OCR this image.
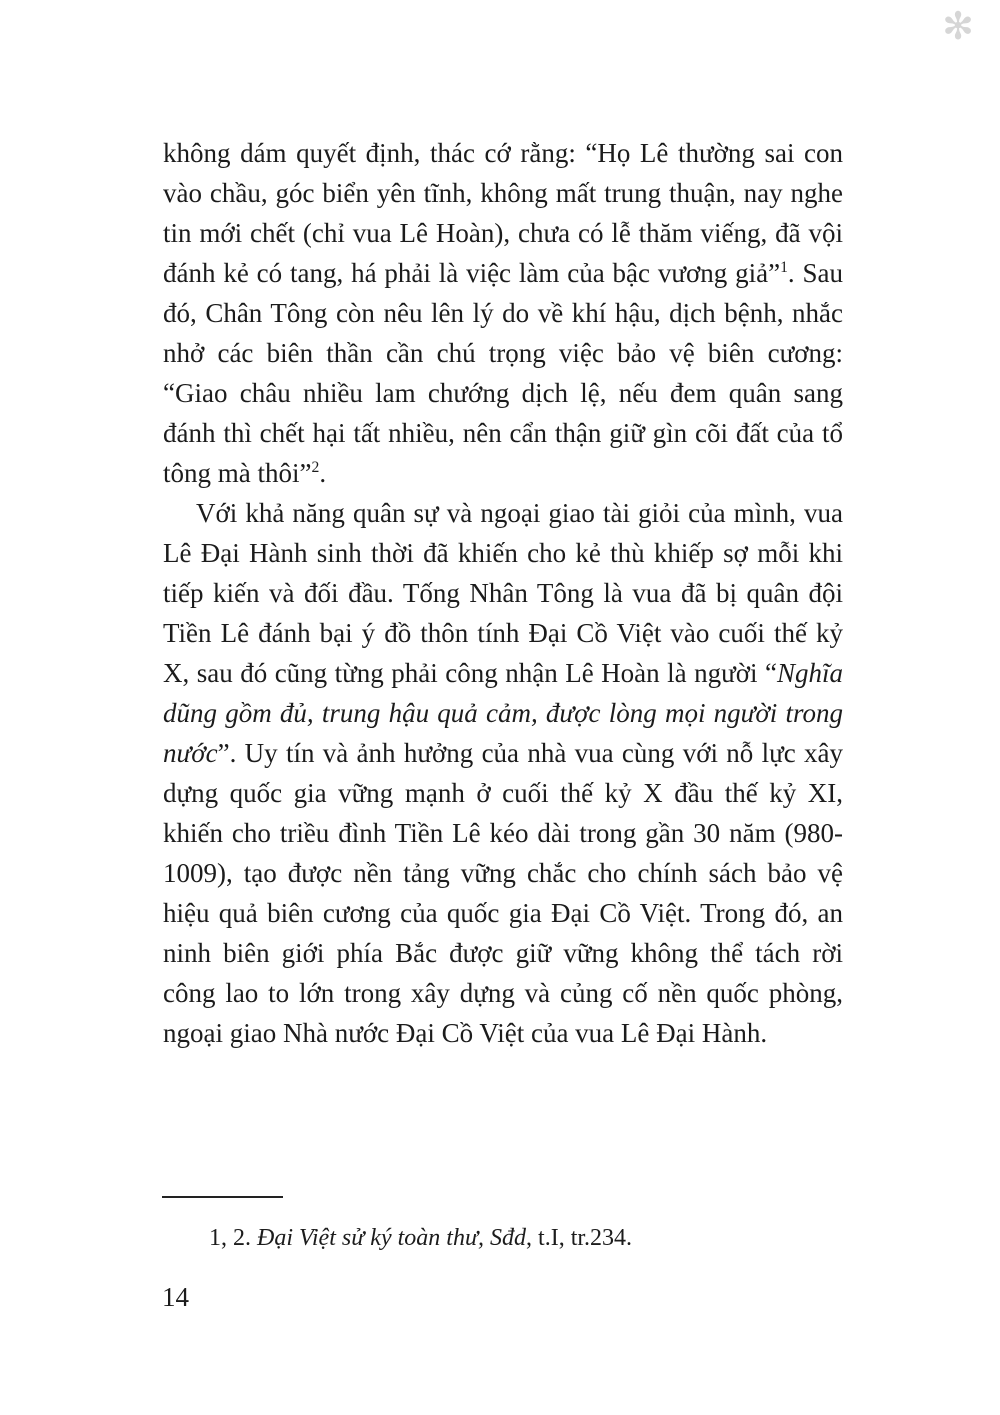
✻

không dám quyết định, thác cớ rằng: “Họ Lê thường sai con vào chầu, góc biển yên tĩnh, không mất trung thuận, nay nghe tin mới chết (chỉ vua Lê Hoàn), chưa có lễ thăm viếng, đã vội đánh kẻ có tang, há phải là việc làm của bậc vương giả”$^1$. Sau đó, Chân Tông còn nêu lên lý do về khí hậu, dịch bệnh, nhắc nhở các biên thần cần chú trọng việc bảo vệ biên cương: “Giao châu nhiều lam chướng dịch lệ, nếu đem quân sang đánh thì chết hại tất nhiều, nên cẩn thận giữ gìn cõi đất của tổ tông mà thôi”$^2$.

Với khả năng quân sự và ngoại giao tài giỏi của mình, vua Lê Đại Hành sinh thời đã khiến cho kẻ thù khiếp sợ mỗi khi tiếp kiến và đối đầu. Tống Nhân Tông là vua đã bị quân đội Tiền Lê đánh bại ý đồ thôn tính Đại Cồ Việt vào cuối thế kỷ X, sau đó cũng từng phải công nhận Lê Hoàn là người “Nghĩa dũng gồm đủ, trung hậu quả cảm, được lòng mọi người trong nước”. Uy tín và ảnh hưởng của nhà vua cùng với nỗ lực xây dựng quốc gia vững mạnh ở cuối thế kỷ X đầu thế kỷ XI, khiến cho triều đình Tiền Lê kéo dài trong gần 30 năm (980-1009), tạo được nền tảng vững chắc cho chính sách bảo vệ hiệu quả biên cương của quốc gia Đại Cồ Việt. Trong đó, an ninh biên giới phía Bắc được giữ vững không thể tách rời công lao to lớn trong xây dựng và củng cố nền quốc phòng, ngoại giao Nhà nước Đại Cồ Việt của vua Lê Đại Hành.

1, 2. Đại Việt sử ký toàn thư, Sđd, t.I, tr.234.

14
